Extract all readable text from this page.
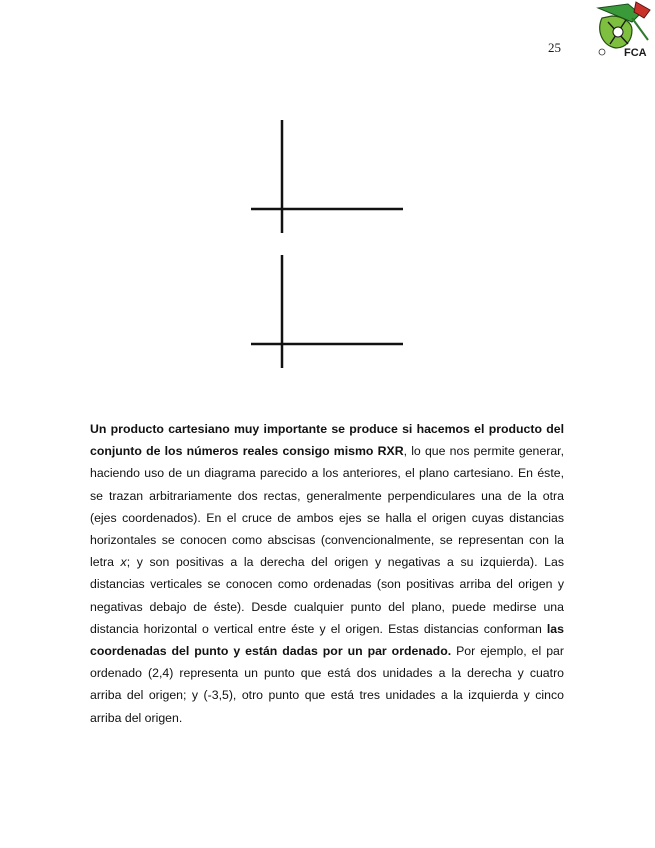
25	FCA

Un producto cartesiano muy importante se produce si hacemos el producto del conjunto de los números reales consigo mismo RXR, lo que nos permite generar, haciendo uso de un diagrama parecido a los anteriores, el plano cartesiano. En éste, se trazan arbitrariamente dos rectas, generalmente perpendiculares una de la otra (ejes coordenados). En el cruce de ambos ejes se halla el origen cuyas distancias horizontales se conocen como abscisas (convencionalmente, se representan con la letra x; y son positivas a la derecha del origen y negativas a su izquierda). Las distancias verticales se conocen como ordenadas (son positivas arriba del origen y negativas debajo de éste). Desde cualquier punto del plano, puede medirse una distancia horizontal o vertical entre éste y el origen. Estas distancias conforman las coordenadas del punto y están dadas por un par ordenado. Por ejemplo, el par ordenado (2,4) representa un punto que está dos unidades a la derecha y cuatro arriba del origen; y (-3,5), otro punto que está tres unidades a la izquierda y cinco arriba del origen.
